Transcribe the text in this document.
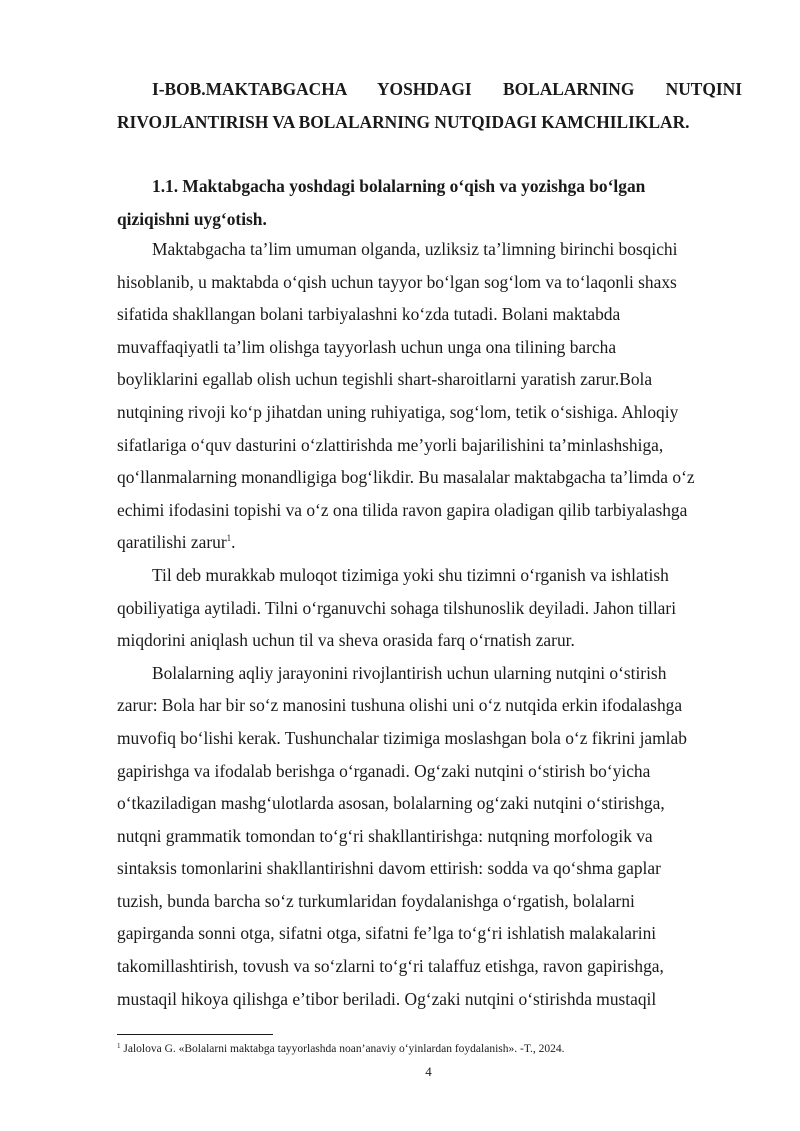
I-BOB.MAKTABGACHA YOSHDAGI BOLALARNING NUTQINI
RIVOJLANTIRISH VA BOLALARNING NUTQIDAGI KAMCHILIKLAR.
1.1. Maktabgacha yoshdagi bolalarning o‘qish va yozishga bo‘lgan
qiziqishni uyg‘otish.

Maktabgacha ta’lim umuman olganda, uzliksiz ta’limning birinchi bosqichi
hisoblanib, u maktabda o‘qish uchun tayyor bo‘lgan sog‘lom va to‘laqonli shaxs
sifatida shakllangan bolani tarbiyalashni ko‘zda tutadi. Bolani maktabda
muvaffaqiyatli ta’lim olishga tayyorlash uchun unga ona tilining barcha
boyliklarini egallab olish uchun tegishli shart-sharoitlarni yaratish zarur.Bola
nutqining rivoji ko‘p jihatdan uning ruhiyatiga, sog‘lom, tetik o‘sishiga. Ahloqiy
sifatlariga o‘quv dasturini o‘zlattirishda me’yorli bajarilishini ta’minlashshiga,
qo‘llanmalarning monandligiga bog‘likdir. Bu masalalar maktabgacha ta’limda o‘z
echimi ifodasini topishi va o‘z ona tilida ravon gapira oladigan qilib tarbiyalashga
qaratilishi zarur$^1$.

Til deb murakkab muloqot tizimiga yoki shu tizimni o‘rganish va ishlatish
qobiliyatiga aytiladi. Tilni o‘rganuvchi sohaga tilshunoslik deyiladi. Jahon tillari
miqdorini aniqlash uchun til va sheva orasida farq o‘rnatish zarur.

Bolalarning aqliy jarayonini rivojlantirish uchun ularning nutqini o‘stirish
zarur: Bola har bir so‘z manosini tushuna olishi uni o‘z nutqida erkin ifodalashga
muvofiq bo‘lishi kerak. Tushunchalar tizimiga moslashgan bola o‘z fikrini jamlab
gapirishga va ifodalab berishga o‘rganadi. Og‘zaki nutqini o‘stirish bo‘yicha
o‘tkaziladigan mashg‘ulotlarda asosan, bolalarning og‘zaki nutqini o‘stirishga,
nutqni grammatik tomondan to‘g‘ri shakllantirishga: nutqning morfologik va
sintaksis tomonlarini shakllantirishni davom ettirish: sodda va qo‘shma gaplar
tuzish, bunda barcha so‘z turkumlaridan foydalanishga o‘rgatish, bolalarni
gapirganda sonni otga, sifatni otga, sifatni fe’lga to‘g‘ri ishlatish malakalarini
takomillashtirish, tovush va so‘zlarni to‘g‘ri talaffuz etishga, ravon gapirishga,
mustaqil hikoya qilishga e’tibor beriladi. Og‘zaki nutqini o‘stirishda mustaqil

$^1$ Jalolova G. «Bolalarni maktabga tayyorlashda noan’anaviy o‘yinlardan foydalanish». -T., 2024.
4
